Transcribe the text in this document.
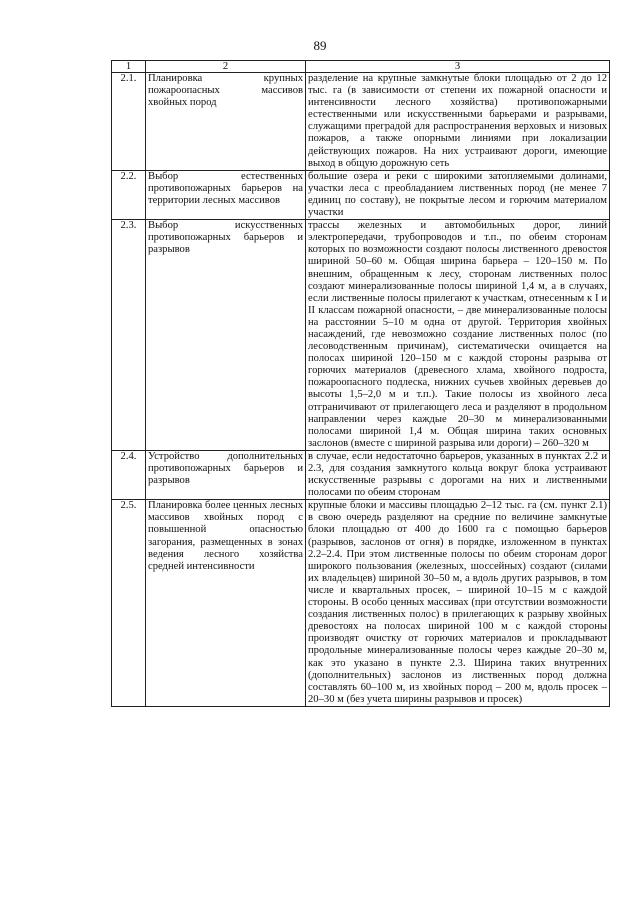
89
1	2	3
2.1.	Планировка крупных пожароопасных массивов хвойных пород	разделение на крупные замкнутые блоки площадью от 2 до 12 тыс. га (в зависимости от степени их пожарной опасности и интенсивности лесного хозяйства) противопожарными естественными или искусственными барьерами и разрывами, служащими преградой для распространения верховых и низовых пожаров, а также опорными линиями при локализации действующих пожаров. На них устраивают дороги, имеющие выход в общую дорожную сеть
2.2.	Выбор естественных противопожарных барьеров на территории лесных массивов	большие озера и реки с широкими затопляемыми долинами, участки леса с преобладанием лиственных пород (не менее 7 единиц по составу), не покрытые лесом и горючим материалом участки
2.3.	Выбор искусственных противопожарных барьеров и разрывов	трассы железных и автомобильных дорог, линий электропередачи, трубопроводов и т.п., по обеим сторонам которых по возможности создают полосы лиственного древостоя шириной 50–60 м. Общая ширина барьера – 120–150 м. По внешним, обращенным к лесу, сторонам лиственных полос создают минерализованные полосы шириной 1,4 м, а в случаях, если лиственные полосы прилегают к участкам, отнесенным к I и II классам пожарной опасности, – две минерализованные полосы на расстоянии 5–10 м одна от другой. Территория хвойных насаждений, где невозможно создание лиственных полос (по лесоводственным причинам), систематически очищается на полосах шириной 120–150 м с каждой стороны разрыва от горючих материалов (древесного хлама, хвойного подроста, пожароопасного подлеска, нижних сучьев хвойных деревьев до высоты 1,5–2,0 м и т.п.). Такие полосы из хвойного леса отграничивают от прилегающего леса и разделяют в продольном направлении через каждые 20–30 м минерализованными полосами шириной 1,4 м. Общая ширина таких основных заслонов (вместе с шириной разрыва или дороги) – 260–320 м
2.4.	Устройство дополнительных противопожарных барьеров и разрывов	в случае, если недостаточно барьеров, указанных в пунктах 2.2 и 2.3, для создания замкнутого кольца вокруг блока устраивают искусственные разрывы с дорогами на них и лиственными полосами по обеим сторонам
2.5.	Планировка более ценных лесных массивов хвойных пород с повышенной опасностью загорания, размещенных в зонах ведения лесного хозяйства средней интенсивности	крупные блоки и массивы площадью 2–12 тыс. га (см. пункт 2.1) в свою очередь разделяют на средние по величине замкнутые блоки площадью от 400 до 1600 га с помощью барьеров (разрывов, заслонов от огня) в порядке, изложенном в пунктах 2.2–2.4. При этом лиственные полосы по обеим сторонам дорог широкого пользования (железных, шоссейных) создают (силами их владельцев) шириной 30–50 м, а вдоль других разрывов, в том числе и квартальных просек, – шириной 10–15 м с каждой стороны. В особо ценных массивах (при отсутствии возможности создания лиственных полос) в прилегающих к разрыву хвойных древостоях на полосах шириной 100 м с каждой стороны производят очистку от горючих материалов и прокладывают продольные минерализованные полосы через каждые 20–30 м, как это указано в пункте 2.3. Ширина таких внутренних (дополнительных) заслонов из лиственных пород должна составлять 60–100 м, из хвойных пород – 200 м, вдоль просек – 20–30 м (без учета ширины разрывов и просек)
